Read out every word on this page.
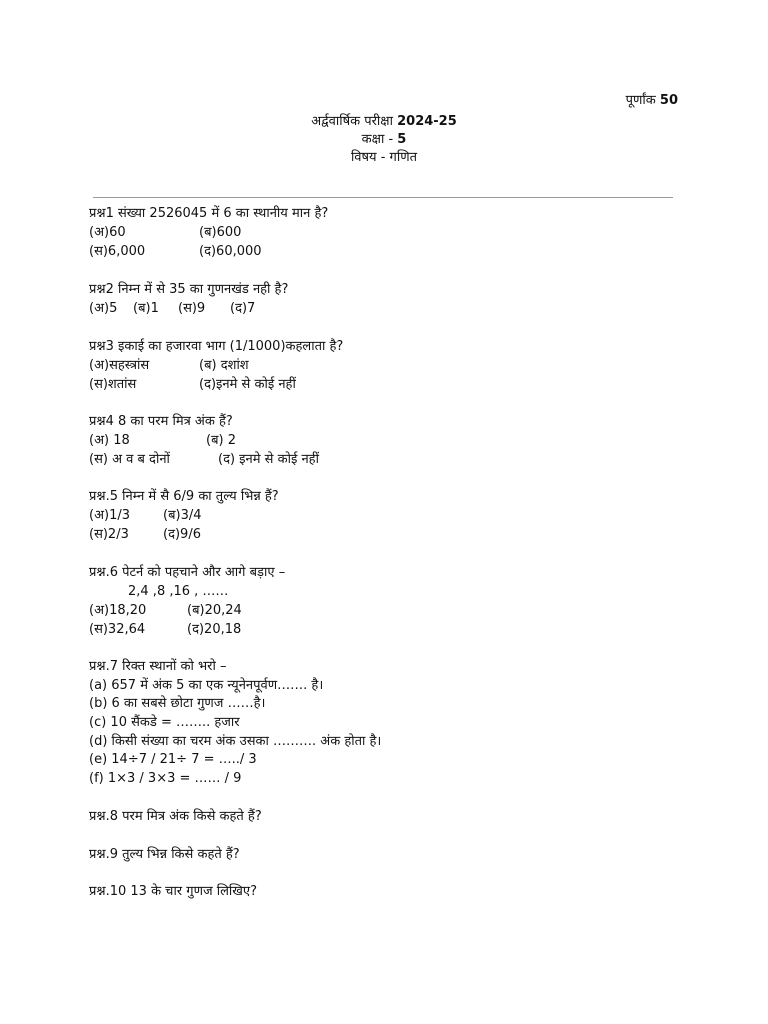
पूर्णांक 50
अर्द्ववार्षिक परीक्षा 2024-25
कक्षा - 5
विषय - गणित
प्रश्न1 संख्या 2526045 में 6 का स्थानीय मान है?
(अ)60	(ब)600
(स)6,000	(द)60,000
प्रश्न2 निम्न में से 35 का गुणनखंड नही है?
(अ)5 (ब)1 (स)9 (द)7
प्रश्न3 इकाई का हजारवा भाग (1/1000)कहलाता है?
(अ)सहस्त्रांस	(ब) दशांश
(स)शतांस	(द)इनमे से कोई नहीं
प्रश्न4 8 का परम मित्र अंक हैं?
(अ) 18	(ब) 2
(स) अ व ब दोनों	(द) इनमे से कोई नहीं
प्रश्न.5 निम्न में सै 6/9 का तुल्य भिन्न हैं?
(अ)1/3	(ब)3/4
(स)2/3	(द)9/6
प्रश्न.6 पेटर्न को पहचाने और आगे बड़ाए –
2,4 ,8 ,16 , ……
(अ)18,20	(ब)20,24
(स)32,64	(द)20,18
प्रश्न.7 रिक्त स्थानों को भरो –
(a) 657 में अंक 5 का एक न्यूनेनपूर्वण……. है।
(b) 6 का सबसे छोटा गुणज ……है।
(c) 10 सैंकडे = …….. हजार
(d) किसी संख्या का चरम अंक उसका ………. अंक होता है।
(e) 14÷7 / 21÷ 7 = …../ 3
(f) 1×3 / 3×3 = …… / 9
प्रश्न.8 परम मित्र अंक किसे कहते हैं?
प्रश्न.9 तुल्य भिन्न किसे कहते हैं?
प्रश्न.10 13 के चार गुणज लिखिए?
